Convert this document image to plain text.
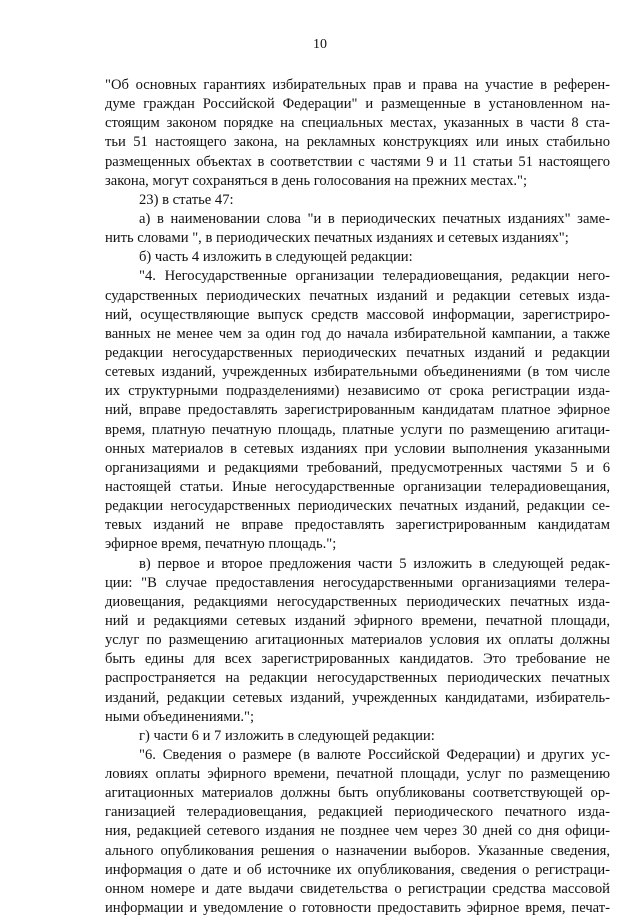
10
"Об основных гарантиях избирательных прав и права на участие в референ-
думе граждан Российской Федерации" и размещенные в установленном на-
стоящим законом порядке на специальных местах, указанных в части 8 ста-
тьи 51 настоящего закона, на рекламных конструкциях или иных стабильно
размещенных объектах в соответствии с частями 9 и 11 статьи 51 настоящего
закона, могут сохраняться в день голосования на прежних местах.";
23) в статье 47:
а) в наименовании слова "и в периодических печатных изданиях" заме-
нить словами ", в периодических печатных изданиях и сетевых изданиях";
б) часть 4 изложить в следующей редакции:
"4. Негосударственные организации телерадиовещания, редакции него-
сударственных периодических печатных изданий и редакции сетевых изда-
ний, осуществляющие выпуск средств массовой информации, зарегистриро-
ванных не менее чем за один год до начала избирательной кампании, а также
редакции негосударственных периодических печатных изданий и редакции
сетевых изданий, учрежденных избирательными объединениями (в том числе
их структурными подразделениями) независимо от срока регистрации изда-
ний, вправе предоставлять зарегистрированным кандидатам платное эфирное
время, платную печатную площадь, платные услуги по размещению агитаци-
онных материалов в сетевых изданиях при условии выполнения указанными
организациями и редакциями требований, предусмотренных частями 5 и 6
настоящей статьи. Иные негосударственные организации телерадиовещания,
редакции негосударственных периодических печатных изданий, редакции се-
тевых изданий не вправе предоставлять зарегистрированным кандидатам
эфирное время, печатную площадь.";
в) первое и второе предложения части 5 изложить в следующей редак-
ции: "В случае предоставления негосударственными организациями телера-
диовещания, редакциями негосударственных периодических печатных изда-
ний и редакциями сетевых изданий эфирного времени, печатной площади,
услуг по размещению агитационных материалов условия их оплаты должны
быть едины для всех зарегистрированных кандидатов. Это требование не
распространяется на редакции негосударственных периодических печатных
изданий, редакции сетевых изданий, учрежденных кандидатами, избиратель-
ными объединениями.";
г) части 6 и 7 изложить в следующей редакции:
"6. Сведения о размере (в валюте Российской Федерации) и других ус-
ловиях оплаты эфирного времени, печатной площади, услуг по размещению
агитационных материалов должны быть опубликованы соответствующей ор-
ганизацией телерадиовещания, редакцией периодического печатного изда-
ния, редакцией сетевого издания не позднее чем через 30 дней со дня офици-
ального опубликования решения о назначении выборов. Указанные сведения,
информация о дате и об источнике их опубликования, сведения о регистраци-
онном номере и дате выдачи свидетельства о регистрации средства массовой
информации и уведомление о готовности предоставить эфирное время, печат-
